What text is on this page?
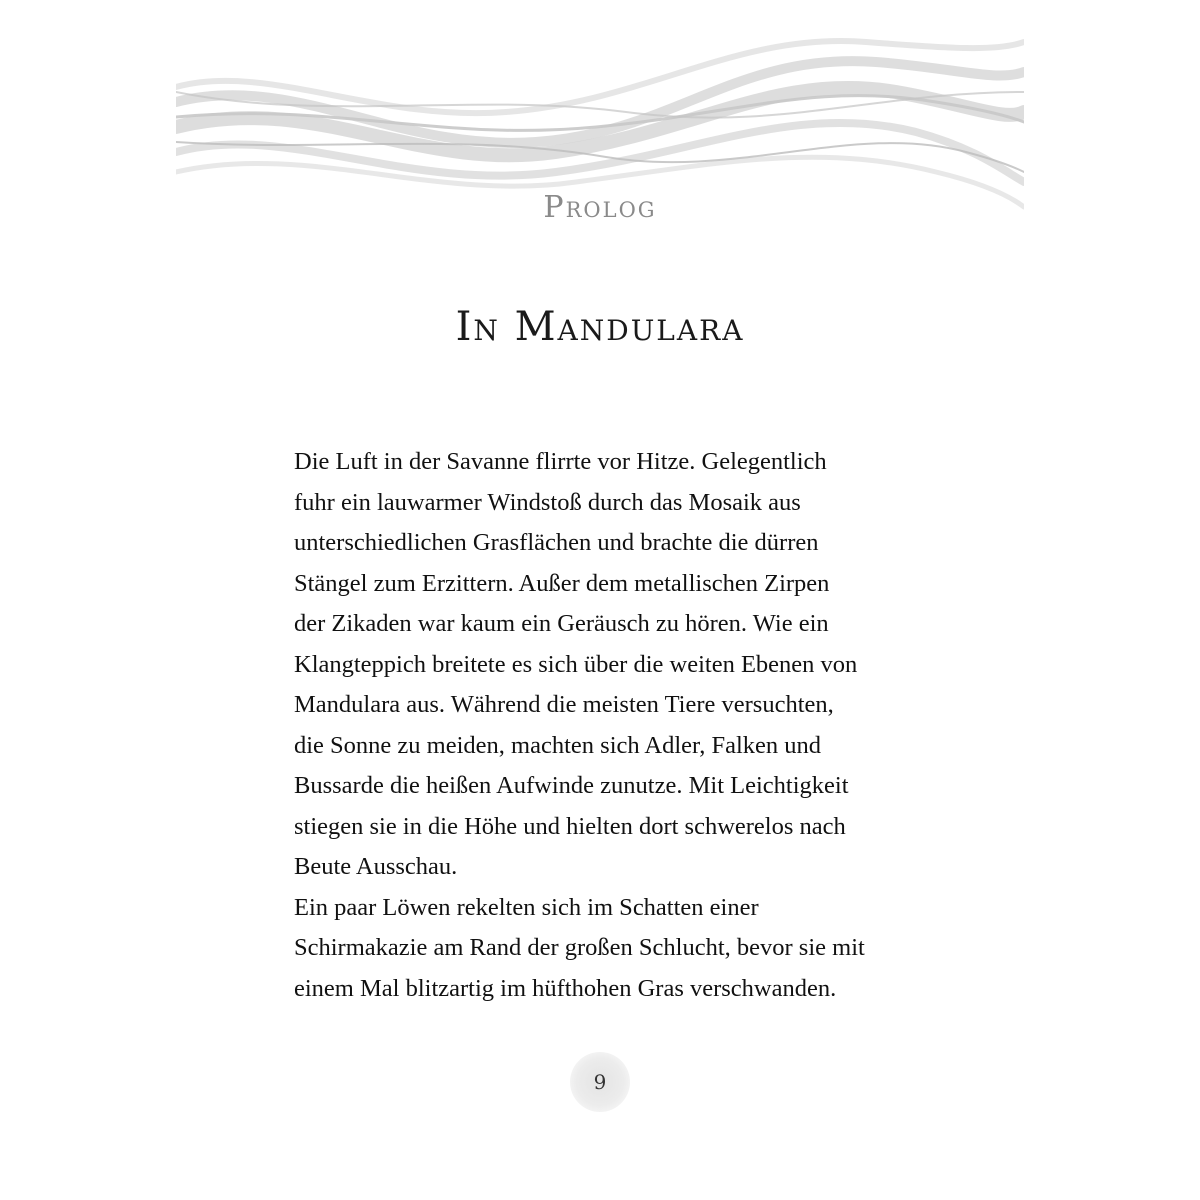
Prolog
In Mandulara

Die Luft in der Savanne flirrte vor Hitze. Gelegentlich
fuhr ein lauwarmer Windstoß durch das Mosaik aus
unterschiedlichen Grasflächen und brachte die dürren
Stängel zum Erzittern. Außer dem metallischen Zirpen
der Zikaden war kaum ein Geräusch zu hören. Wie ein
Klangteppich breitete es sich über die weiten Ebenen von
Mandulara aus. Während die meisten Tiere versuchten,
die Sonne zu meiden, machten sich Adler, Falken und
Bussarde die heißen Aufwinde zunutze. Mit Leichtigkeit
stiegen sie in die Höhe und hielten dort schwerelos nach
Beute Ausschau.

Ein paar Löwen rekelten sich im Schatten einer
Schirmakazie am Rand der großen Schlucht, bevor sie mit
einem Mal blitzartig im hüfthohen Gras verschwanden.

9
